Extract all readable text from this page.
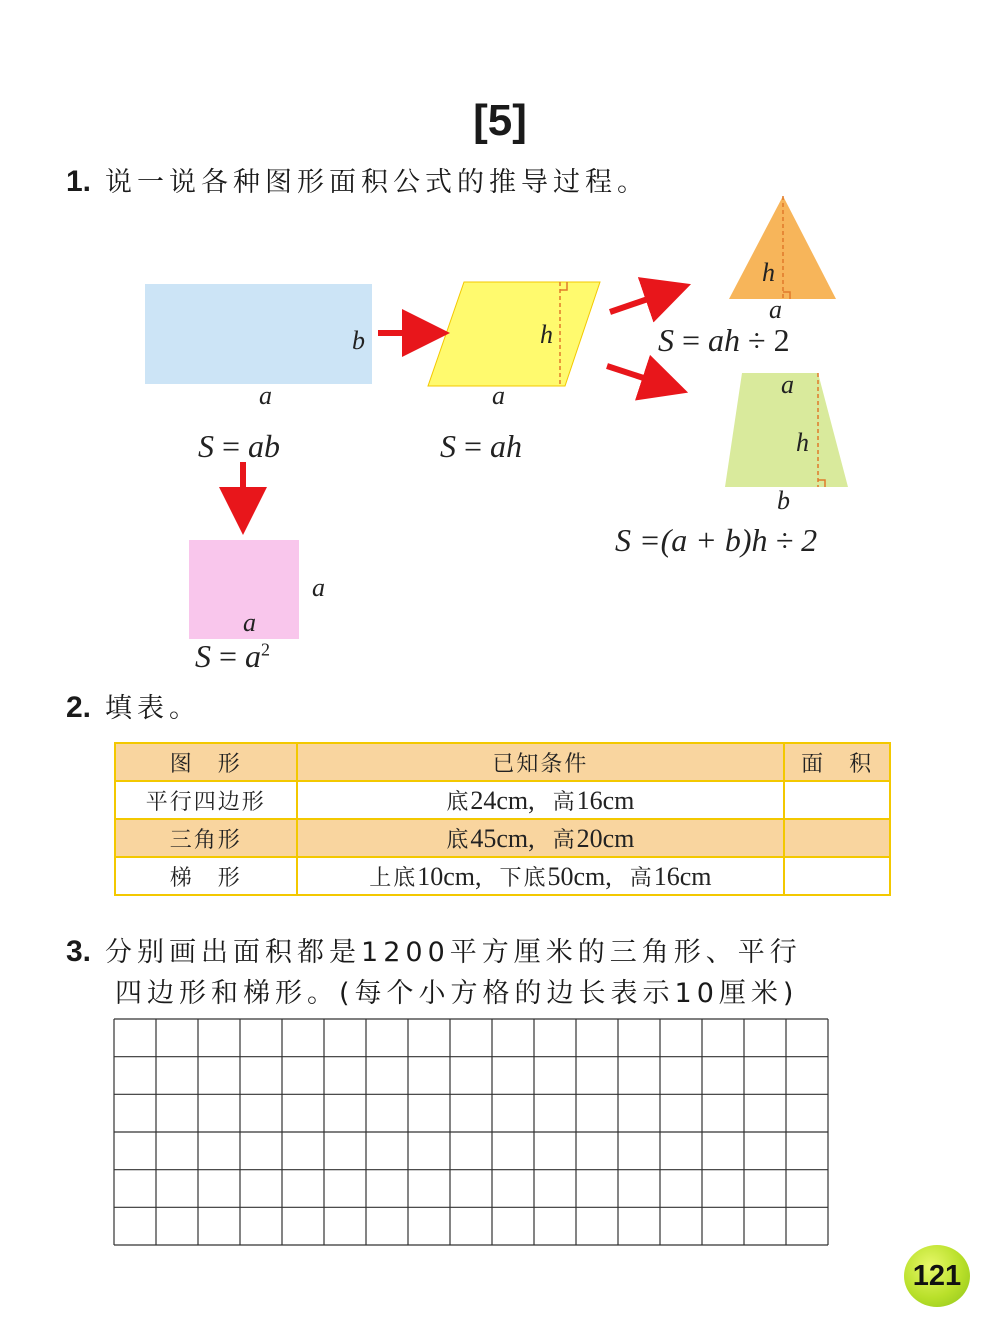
[5]
1. 说一说各种图形面积公式的推导过程。
b
a
S = ab
h
a
S = ah
h
a
S = ah ÷ 2
a
h
b
S =(a + b)h ÷ 2
a
a
$S = a^2$
2. 填表。
图　形	已知条件	面　积
平行四边形	底24cm, 高16cm	
三角形	底45cm, 高20cm	
梯　形	上底10cm, 下底50cm, 高16cm	
3. 分别画出面积都是1200平方厘米的三角形、平行
四边形和梯形。(每个小方格的边长表示10厘米)
121
